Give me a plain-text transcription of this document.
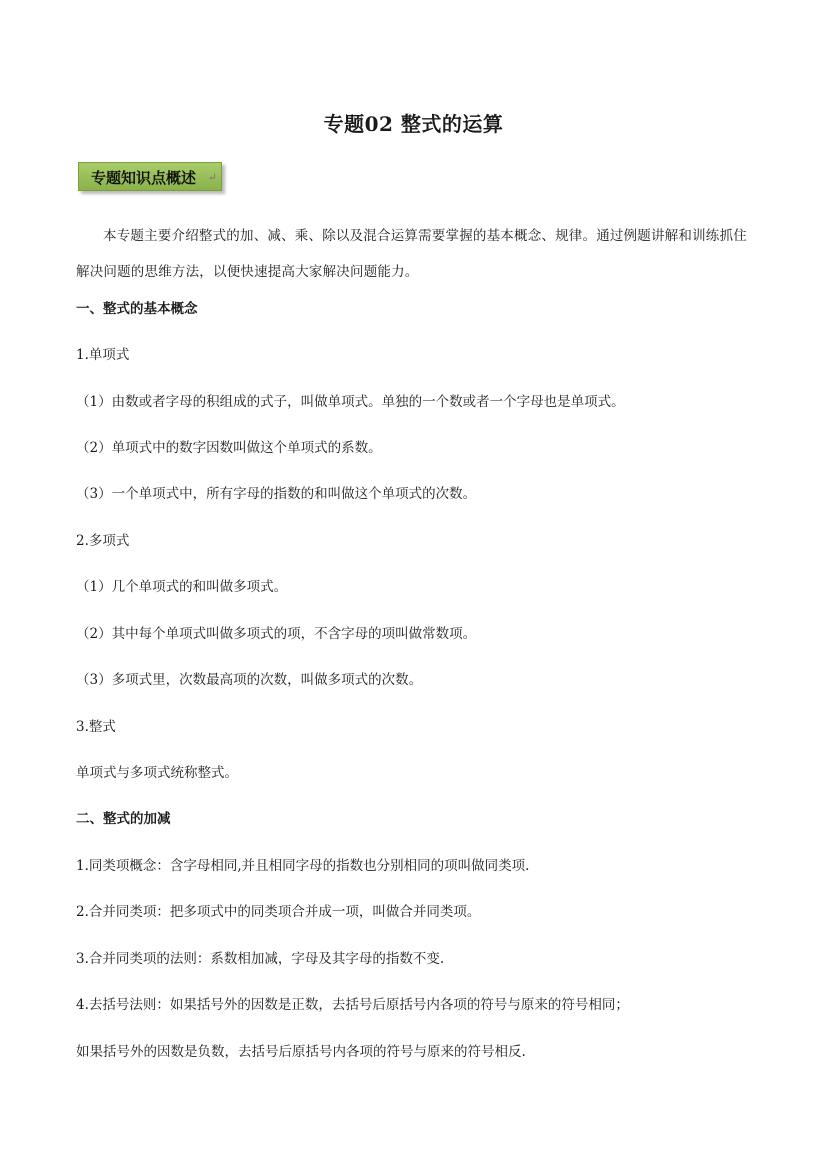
专题02 整式的运算
专题知识点概述 ↵

本专题主要介绍整式的加、减、乘、除以及混合运算需要掌握的基本概念、规律。通过例题讲解和训练抓住解决问题的思维方法，以便快速提高大家解决问题能力。

一、整式的基本概念

1.单项式

（1）由数或者字母的积组成的式子，叫做单项式。单独的一个数或者一个字母也是单项式。

（2）单项式中的数字因数叫做这个单项式的系数。

（3）一个单项式中，所有字母的指数的和叫做这个单项式的次数。

2.多项式

（1）几个单项式的和叫做多项式。

（2）其中每个单项式叫做多项式的项，不含字母的项叫做常数项。

（3）多项式里，次数最高项的次数，叫做多项式的次数。

3.整式

单项式与多项式统称整式。

二、整式的加减

1.同类项概念：含字母相同,并且相同字母的指数也分别相同的项叫做同类项.

2.合并同类项：把多项式中的同类项合并成一项，叫做合并同类项。

3.合并同类项的法则：系数相加减，字母及其字母的指数不变.

4.去括号法则：如果括号外的因数是正数，去括号后原括号内各项的符号与原来的符号相同；

如果括号外的因数是负数，去括号后原括号内各项的符号与原来的符号相反.
